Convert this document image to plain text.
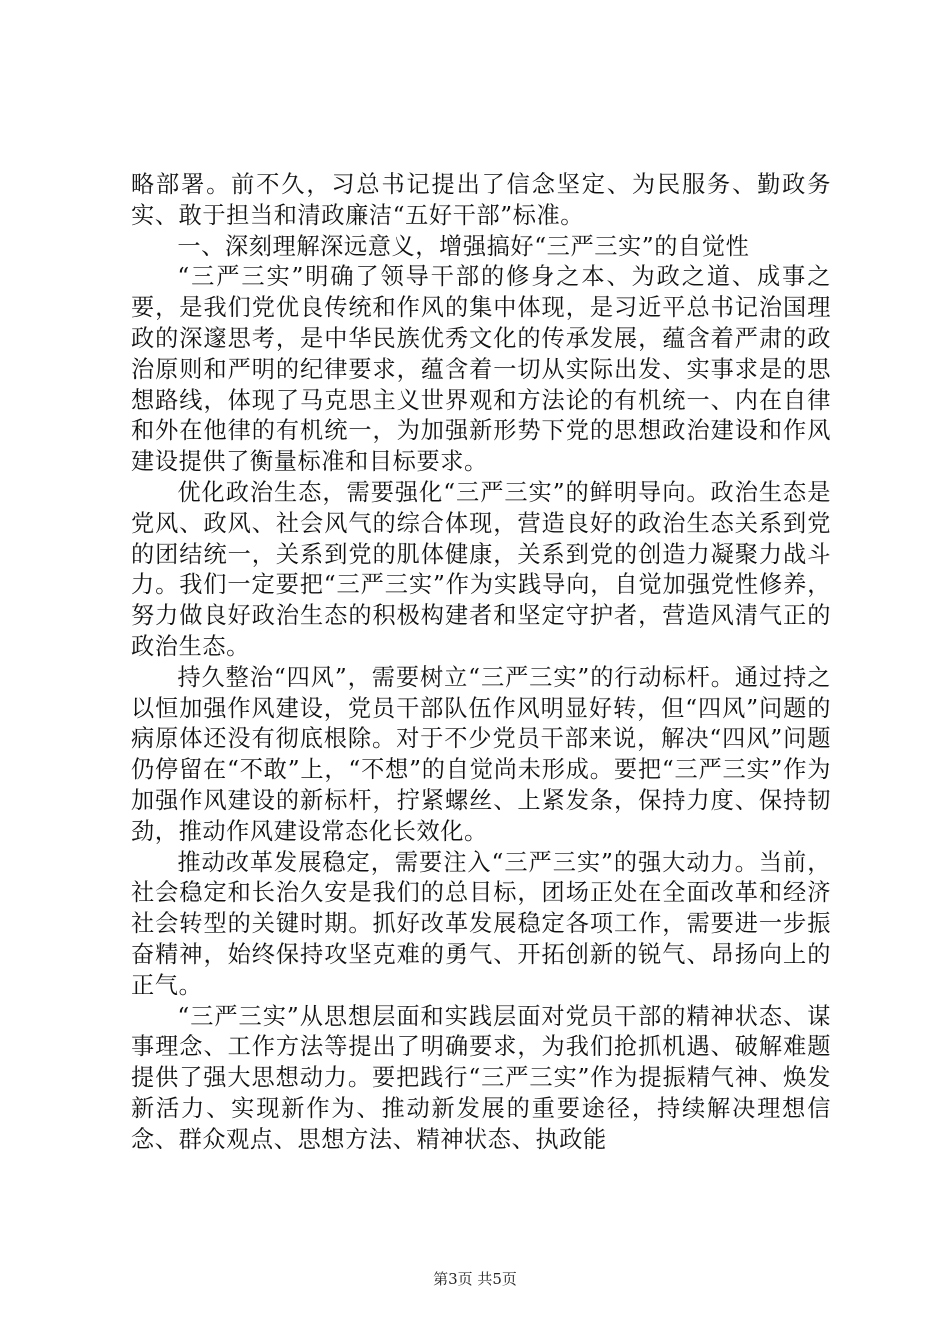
略部署。前不久，习总书记提出了信念坚定、为民服务、勤政务实、敢于担当和清政廉洁“五好干部”标准。

一、深刻理解深远意义，增强搞好“三严三实”的自觉性

“三严三实”明确了领导干部的修身之本、为政之道、成事之要，是我们党优良传统和作风的集中体现，是习近平总书记治国理政的深邃思考，是中华民族优秀文化的传承发展，蕴含着严肃的政治原则和严明的纪律要求，蕴含着一切从实际出发、实事求是的思想路线，体现了马克思主义世界观和方法论的有机统一、内在自律和外在他律的有机统一，为加强新形势下党的思想政治建设和作风建设提供了衡量标准和目标要求。

优化政治生态，需要强化“三严三实”的鲜明导向。政治生态是党风、政风、社会风气的综合体现，营造良好的政治生态关系到党的团结统一，关系到党的肌体健康，关系到党的创造力凝聚力战斗力。我们一定要把“三严三实”作为实践导向，自觉加强党性修养，努力做良好政治生态的积极构建者和坚定守护者，营造风清气正的政治生态。

持久整治“四风”，需要树立“三严三实”的行动标杆。通过持之以恒加强作风建设，党员干部队伍作风明显好转，但“四风”问题的病原体还没有彻底根除。对于不少党员干部来说，解决“四风”问题仍停留在“不敢”上，“不想”的自觉尚未形成。要把“三严三实”作为加强作风建设的新标杆，拧紧螺丝、上紧发条，保持力度、保持韧劲，推动作风建设常态化长效化。

推动改革发展稳定，需要注入“三严三实”的强大动力。当前，社会稳定和长治久安是我们的总目标，团场正处在全面改革和经济社会转型的关键时期。抓好改革发展稳定各项工作，需要进一步振奋精神，始终保持攻坚克难的勇气、开拓创新的锐气、昂扬向上的正气。

“三严三实”从思想层面和实践层面对党员干部的精神状态、谋事理念、工作方法等提出了明确要求，为我们抢抓机遇、破解难题提供了强大思想动力。要把践行“三严三实”作为提振精气神、焕发新活力、实现新作为、推动新发展的重要途径，持续解决理想信念、群众观点、思想方法、精神状态、执政能

第3页 共5页
